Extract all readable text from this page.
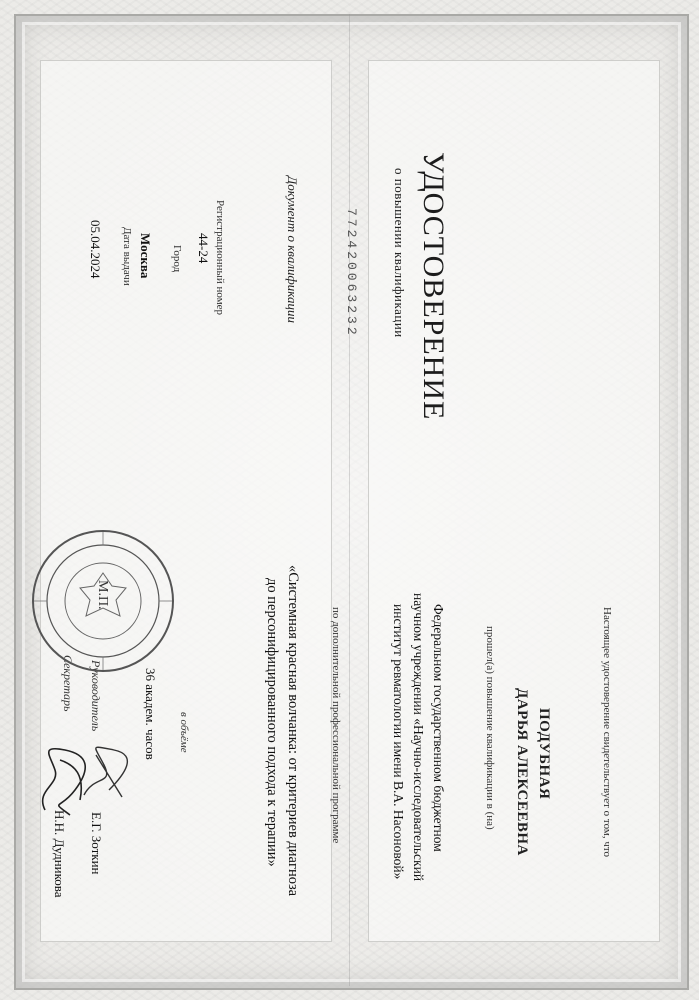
УДОСТОВЕРЕНИЕ
о повышении квалификации
772420063232
Документ о квалификации
Регистрационный номер
44-24
Город
Москва
Дата выдачи
05.04.2024
Настоящее удостоверение свидетельствует о том, что
ПОДУБНАЯ
ДАРЬЯ АЛЕКСЕЕВНА
прошел(а) повышение квалификации в (на)
Федеральном государственном бюджетном
научном учреждении «Научно-исследовательский
институт ревматологии имени В.А. Насоновой»
по дополнительной профессиональной программе
«Системная красная волчанка: от критериев диагноза
до персонифицированного подхода к терапии»
в объёме
36 академ. часов
Руководитель
Е.Г. Зоткин
Секретарь
Н.Н. Дудникова
М.П.
